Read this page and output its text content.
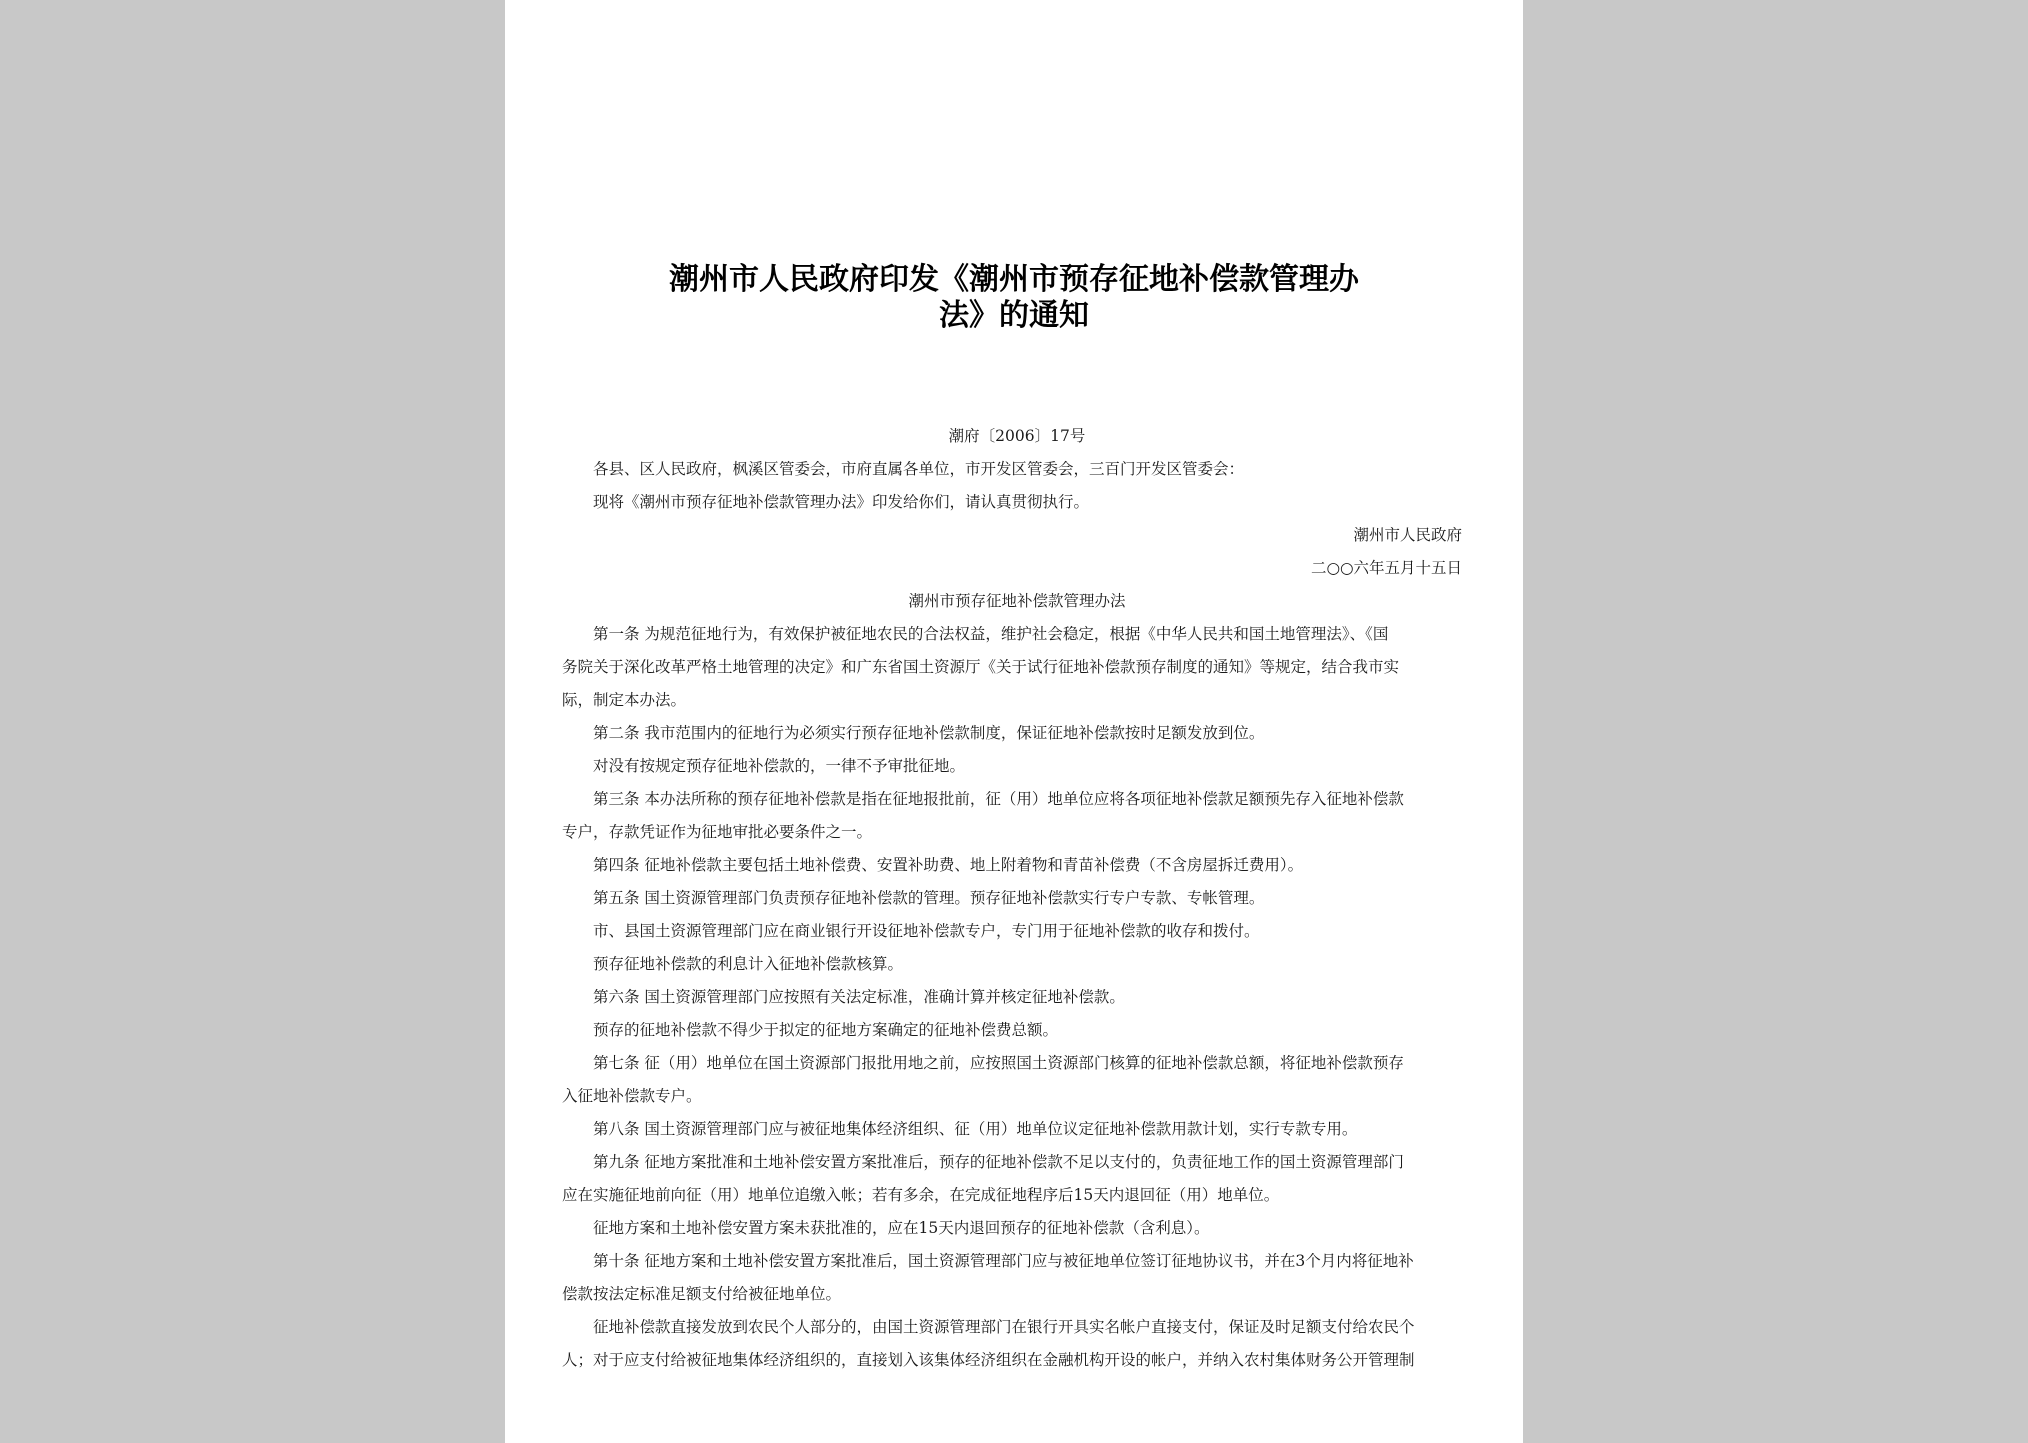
潮州市人民政府印发《潮州市预存征地补偿款管理办
法》的通知
潮府〔2006〕17号
各县、区人民政府，枫溪区管委会，市府直属各单位，市开发区管委会，三百门开发区管委会：
现将《潮州市预存征地补偿款管理办法》印发给你们，请认真贯彻执行。
潮州市人民政府
二○○六年五月十五日
潮州市预存征地补偿款管理办法
第一条 为规范征地行为，有效保护被征地农民的合法权益，维护社会稳定，根据《中华人民共和国土地管理法》、《国
务院关于深化改革严格土地管理的决定》和广东省国土资源厅《关于试行征地补偿款预存制度的通知》等规定，结合我市实
际，制定本办法。
第二条 我市范围内的征地行为必须实行预存征地补偿款制度，保证征地补偿款按时足额发放到位。
对没有按规定预存征地补偿款的，一律不予审批征地。
第三条 本办法所称的预存征地补偿款是指在征地报批前，征（用）地单位应将各项征地补偿款足额预先存入征地补偿款
专户，存款凭证作为征地审批必要条件之一。
第四条 征地补偿款主要包括土地补偿费、安置补助费、地上附着物和青苗补偿费（不含房屋拆迁费用）。
第五条 国土资源管理部门负责预存征地补偿款的管理。预存征地补偿款实行专户专款、专帐管理。
市、县国土资源管理部门应在商业银行开设征地补偿款专户，专门用于征地补偿款的收存和拨付。
预存征地补偿款的利息计入征地补偿款核算。
第六条 国土资源管理部门应按照有关法定标准，准确计算并核定征地补偿款。
预存的征地补偿款不得少于拟定的征地方案确定的征地补偿费总额。
第七条 征（用）地单位在国土资源部门报批用地之前，应按照国土资源部门核算的征地补偿款总额，将征地补偿款预存
入征地补偿款专户。
第八条 国土资源管理部门应与被征地集体经济组织、征（用）地单位议定征地补偿款用款计划，实行专款专用。
第九条 征地方案批准和土地补偿安置方案批准后，预存的征地补偿款不足以支付的，负责征地工作的国土资源管理部门
应在实施征地前向征（用）地单位追缴入帐；若有多余，在完成征地程序后15天内退回征（用）地单位。
征地方案和土地补偿安置方案未获批准的，应在15天内退回预存的征地补偿款（含利息）。
第十条 征地方案和土地补偿安置方案批准后，国土资源管理部门应与被征地单位签订征地协议书，并在3个月内将征地补
偿款按法定标准足额支付给被征地单位。
征地补偿款直接发放到农民个人部分的，由国土资源管理部门在银行开具实名帐户直接支付，保证及时足额支付给农民个
人；对于应支付给被征地集体经济组织的，直接划入该集体经济组织在金融机构开设的帐户，并纳入农村集体财务公开管理制
